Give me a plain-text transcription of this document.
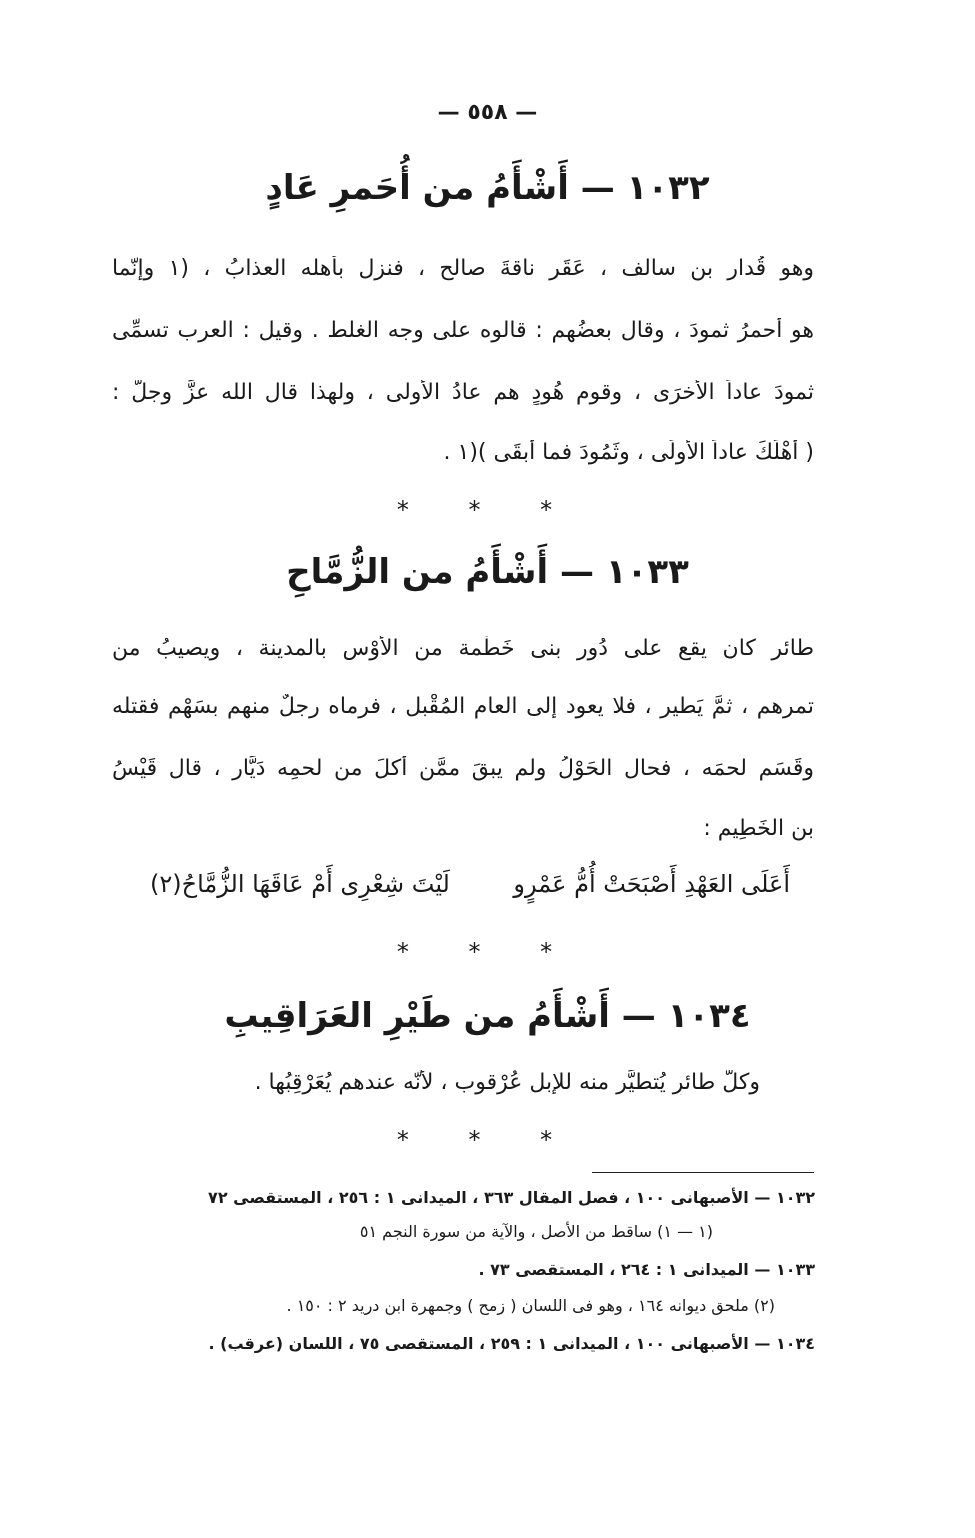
— ٥٥٨ —
١٠٣٢ — أَشْأَمُ من أُحَمرِ عَادٍ
وهو قُدار بن سالف ، عَقَر ناقةَ صالح ، فنزل بأهله العذابُ ، (١ وإنّما
هو أحمرُ ثمودَ ، وقال بعضُهم : قالوه على وجه الغلط . وقيل : العرب تسمِّى
ثمودَ عاداً الأُخرَى ، وقوم هُودٍ هم عادُ الأُولى ، ولهذا قال الله عزَّ وجلّ :
( أَهْلَكَ عاداً الأُولَى ، وثَمُودَ فما أبقَى )(١ .
* * *
١٠٣٣ — أَشْأَمُ من الزُّمَّاحِ
طائر كان يقع على دُورِ بنى خَطْمة من الأَوْس بالمدينة ، ويصيبُ من
تمرهم ، ثمَّ يَطير ، فلا يعود إلى العام المُقْبل ، فرماه رجلٌ منهم بسَهْمٍ فقتله
وقَسَم لحمَه ، فحال الحَوْلُ ولم يبقَ ممَّن أكلَ من لحمِه دَيَّار ، قال قَيْسُ
بن الخَطِيم :
أَعَلَى العَهْدِ أَصْبَحَتْ أُمُّ عَمْرٍو
لَيْتَ شِعْرِى أَمْ عَاقَهَا الزُّمَّاحُ(٢)
* * *
١٠٣٤ — أَشْأَمُ من طَيْرِ العَرَاقِيبِ
وكلُّ طائرٍ يُتطيَّر منه للإبل عُرْقوب ، لأنّه عندهم يُعَرْقِبُها .
* * *
١٠٣٢ — الأصبهانى ١٠٠ ، فصل المقال ٣٦٣ ، الميدانى ١ : ٢٥٦ ، المستقصى ٧٢
(١ — ١) ساقط من الأصل ، والآية من سورة النجم ٥١
١٠٣٣ — الميدانى ١ : ٢٦٤ ، المستقصى ٧٣ .
(٢) ملحق ديوانه ١٦٤ ، وهو فى اللسان ( زمح ) وجمهرة ابن دريد ٢ : ١٥٠ .
١٠٣٤ — الأصبهانى ١٠٠ ، الميدانى ١ : ٢٥٩ ، المستقصى ٧٥ ، اللسان (عرقب) .
